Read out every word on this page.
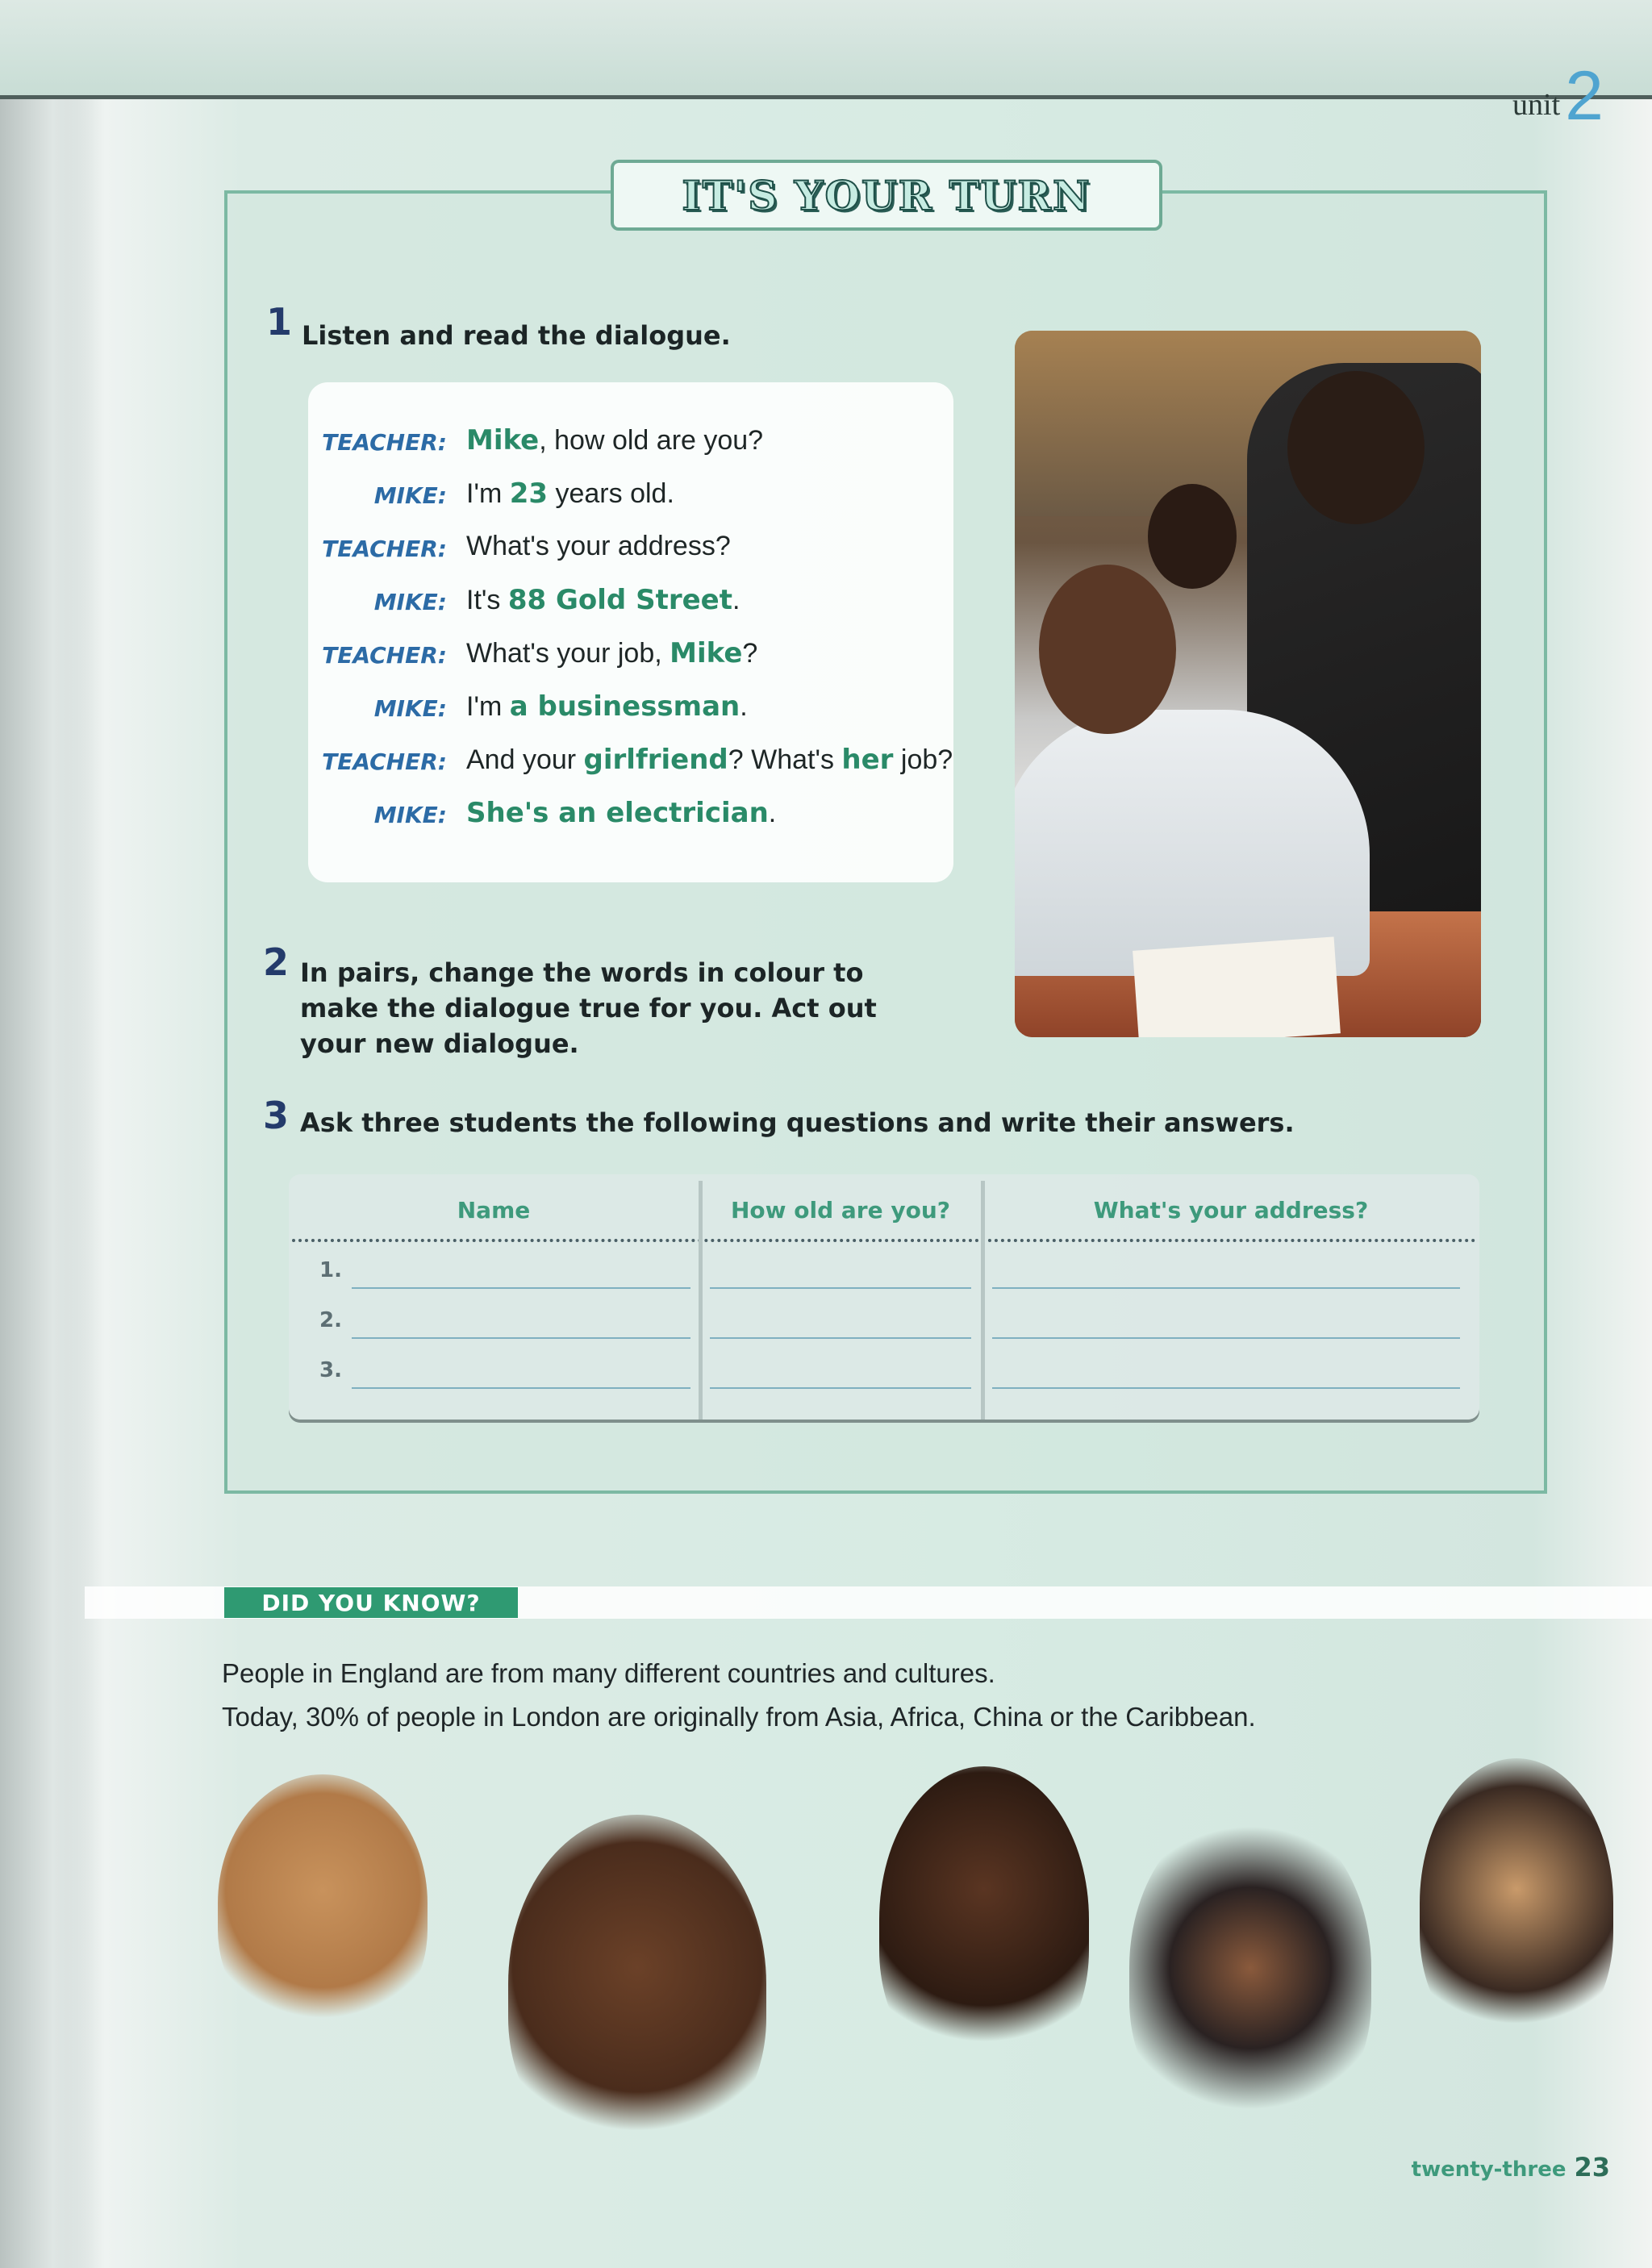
unit2
IT'S YOUR TURN
1 Listen and read the dialogue.
TEACHER: Mike, how old are you?
MIKE: I'm 23 years old.
TEACHER: What's your address?
MIKE: It's 88 Gold Street.
TEACHER: What's your job, Mike?
MIKE: I'm a businessman.
TEACHER: And your girlfriend? What's her job?
MIKE: She's an electrician.
2 In pairs, change the words in colour to
make the dialogue true for you. Act out
your new dialogue.
3 Ask three students the following questions and write their answers.
Name	How old are you?	What's your address?
1.
2.
3.
DID YOU KNOW?
People in England are from many different countries and cultures.
Today, 30% of people in London are originally from Asia, Africa, China or the Caribbean.
twenty-three 23
